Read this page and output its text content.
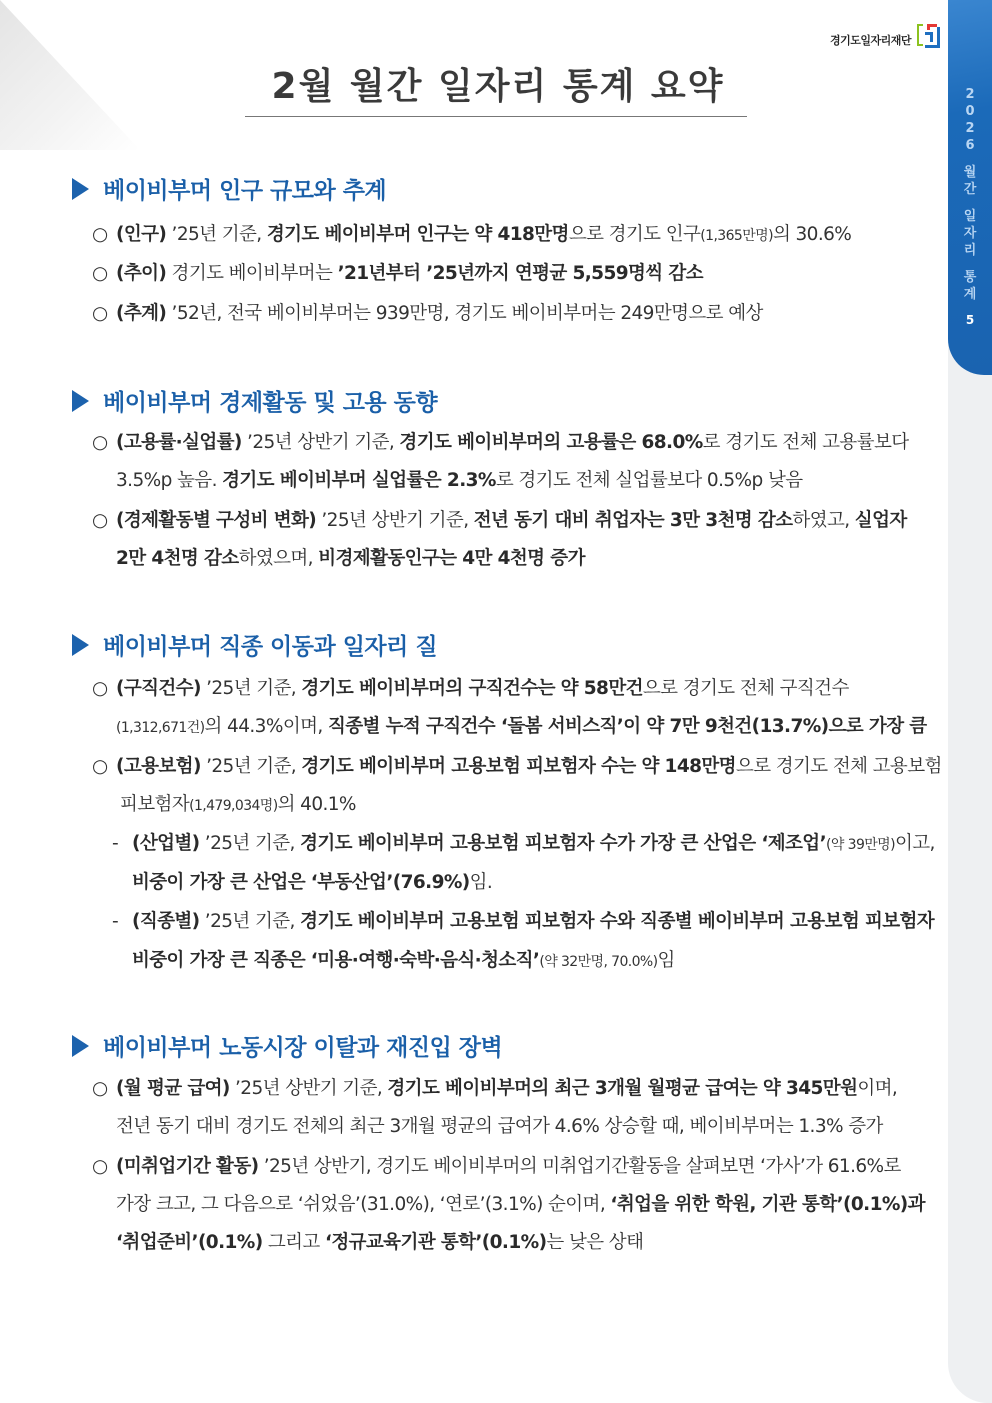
2026
월간
일자리
통계
5
경기도일자리재단
2월 월간 일자리 통계 요약
베이비부머 인구 규모와 추계
○ (인구) ’25년 기준, 경기도 베이비부머 인구는 약 418만명으로 경기도 인구(1,365만명)의 30.6%
○ (추이) 경기도 베이비부머는 ’21년부터 ’25년까지 연평균 5,559명씩 감소
○ (추계) ’52년, 전국 베이비부머는 939만명, 경기도 베이비부머는 249만명으로 예상
베이비부머 경제활동 및 고용 동향
○ (고용률·실업률) ’25년 상반기 기준, 경기도 베이비부머의 고용률은 68.0%로 경기도 전체 고용률보다
3.5%p 높음. 경기도 베이비부머 실업률은 2.3%로 경기도 전체 실업률보다 0.5%p 낮음
○ (경제활동별 구성비 변화) ’25년 상반기 기준, 전년 동기 대비 취업자는 3만 3천명 감소하였고, 실업자
2만 4천명 감소하였으며, 비경제활동인구는 4만 4천명 증가
베이비부머 직종 이동과 일자리 질
○ (구직건수) ’25년 기준, 경기도 베이비부머의 구직건수는 약 58만건으로 경기도 전체 구직건수
(1,312,671건)의 44.3%이며, 직종별 누적 구직건수 ‘돌봄 서비스직’이 약 7만 9천건(13.7%)으로 가장 큼
○ (고용보험) ’25년 기준, 경기도 베이비부머 고용보험 피보험자 수는 약 148만명으로 경기도 전체 고용보험
피보험자(1,479,034명)의 40.1%
- (산업별) ’25년 기준, 경기도 베이비부머 고용보험 피보험자 수가 가장 큰 산업은 ‘제조업’(약 39만명)이고,
비중이 가장 큰 산업은 ‘부동산업’(76.9%)임.
- (직종별) ’25년 기준, 경기도 베이비부머 고용보험 피보험자 수와 직종별 베이비부머 고용보험 피보험자
비중이 가장 큰 직종은 ‘미용·여행·숙박·음식·청소직’(약 32만명, 70.0%)임
베이비부머 노동시장 이탈과 재진입 장벽
○ (월 평균 급여) ’25년 상반기 기준, 경기도 베이비부머의 최근 3개월 월평균 급여는 약 345만원이며,
전년 동기 대비 경기도 전체의 최근 3개월 평균의 급여가 4.6% 상승할 때, 베이비부머는 1.3% 증가
○ (미취업기간 활동) ’25년 상반기, 경기도 베이비부머의 미취업기간활동을 살펴보면 ‘가사’가 61.6%로
가장 크고, 그 다음으로 ‘쉬었음’(31.0%), ‘연로’(3.1%) 순이며, ‘취업을 위한 학원, 기관 통학’(0.1%)과
‘취업준비’(0.1%) 그리고 ‘정규교육기관 통학’(0.1%)는 낮은 상태
